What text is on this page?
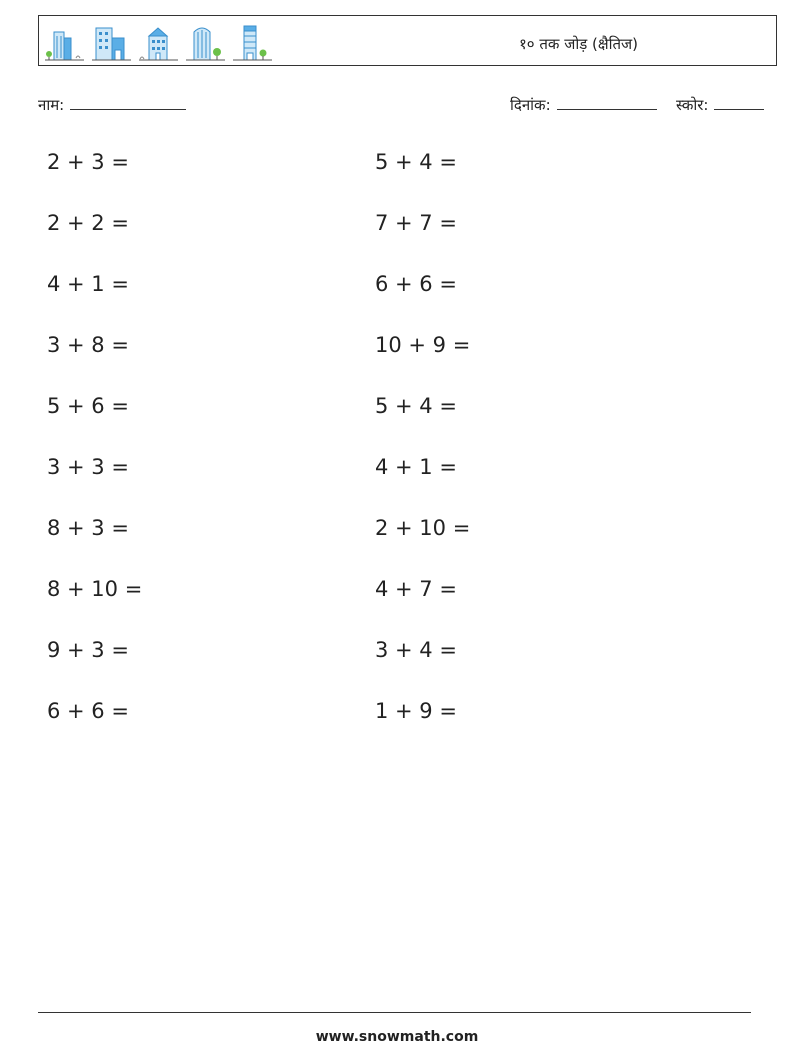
१० तक जोड़ (क्षैतिज)
नाम:	दिनांक:	स्कोर:
2 + 3 =
2 + 2 =
4 + 1 =
3 + 8 =
5 + 6 =
3 + 3 =
8 + 3 =
8 + 10 =
9 + 3 =
6 + 6 =
5 + 4 =
7 + 7 =
6 + 6 =
10 + 9 =
5 + 4 =
4 + 1 =
2 + 10 =
4 + 7 =
3 + 4 =
1 + 9 =
www.snowmath.com
